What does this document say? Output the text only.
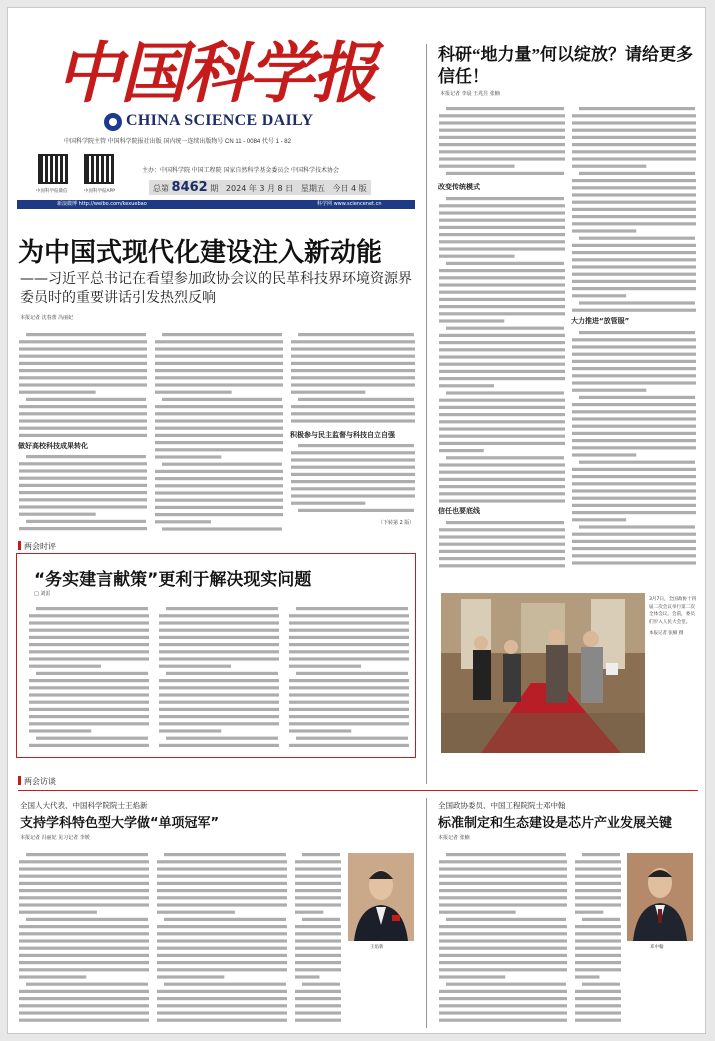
中国科学报
CHINA SCIENCE DAILY
中国科学院主管 中国科学院报社出版 国内统一连续出版物号 CN 11 - 0084 代号 1 - 82
中国科学报微信	中国科学报APP
主办：中国科学院 中国工程院 国家自然科学基金委员会 中国科学技术协会
总第 8462 期 2024 年 3 月 8 日 星期五 今日 4 版
新浪微博 http://weibo.com/kexuebao	科学网 www.sciencenet.cn
为中国式现代化建设注入新动能
——习近平总书记在看望参加政协会议的民革科技界环境资源界委员时的重要讲话引发热烈反响
本报记者 沈春蕾 冯丽妃
做好高校科技成果转化
积极参与民主监督与科技自立自强
（下转第 2 版）
科研“地力量”何以绽放？请给更多信任！
本报记者 李晨 王兆昱 张楠
改变传统模式
信任也要底线
大力推进“放管服”
两会时评
“务实建言献策”更利于解决现实问题
□ 刘雷
3月7日，全国政协十四届二次会议举行第二次全体会议。会前，委员们步入人民大会堂。
本报记者 张楠 摄
两会访谈
全国人大代表、中国科学院院士王焰新
支持学科特色型大学做“单项冠军”
本报记者 冯丽妃 见习记者 李媛
王焰新
全国政协委员、中国工程院院士邓中翰
标准制定和生态建设是芯片产业发展关键
本报记者 张楠
邓中翰
